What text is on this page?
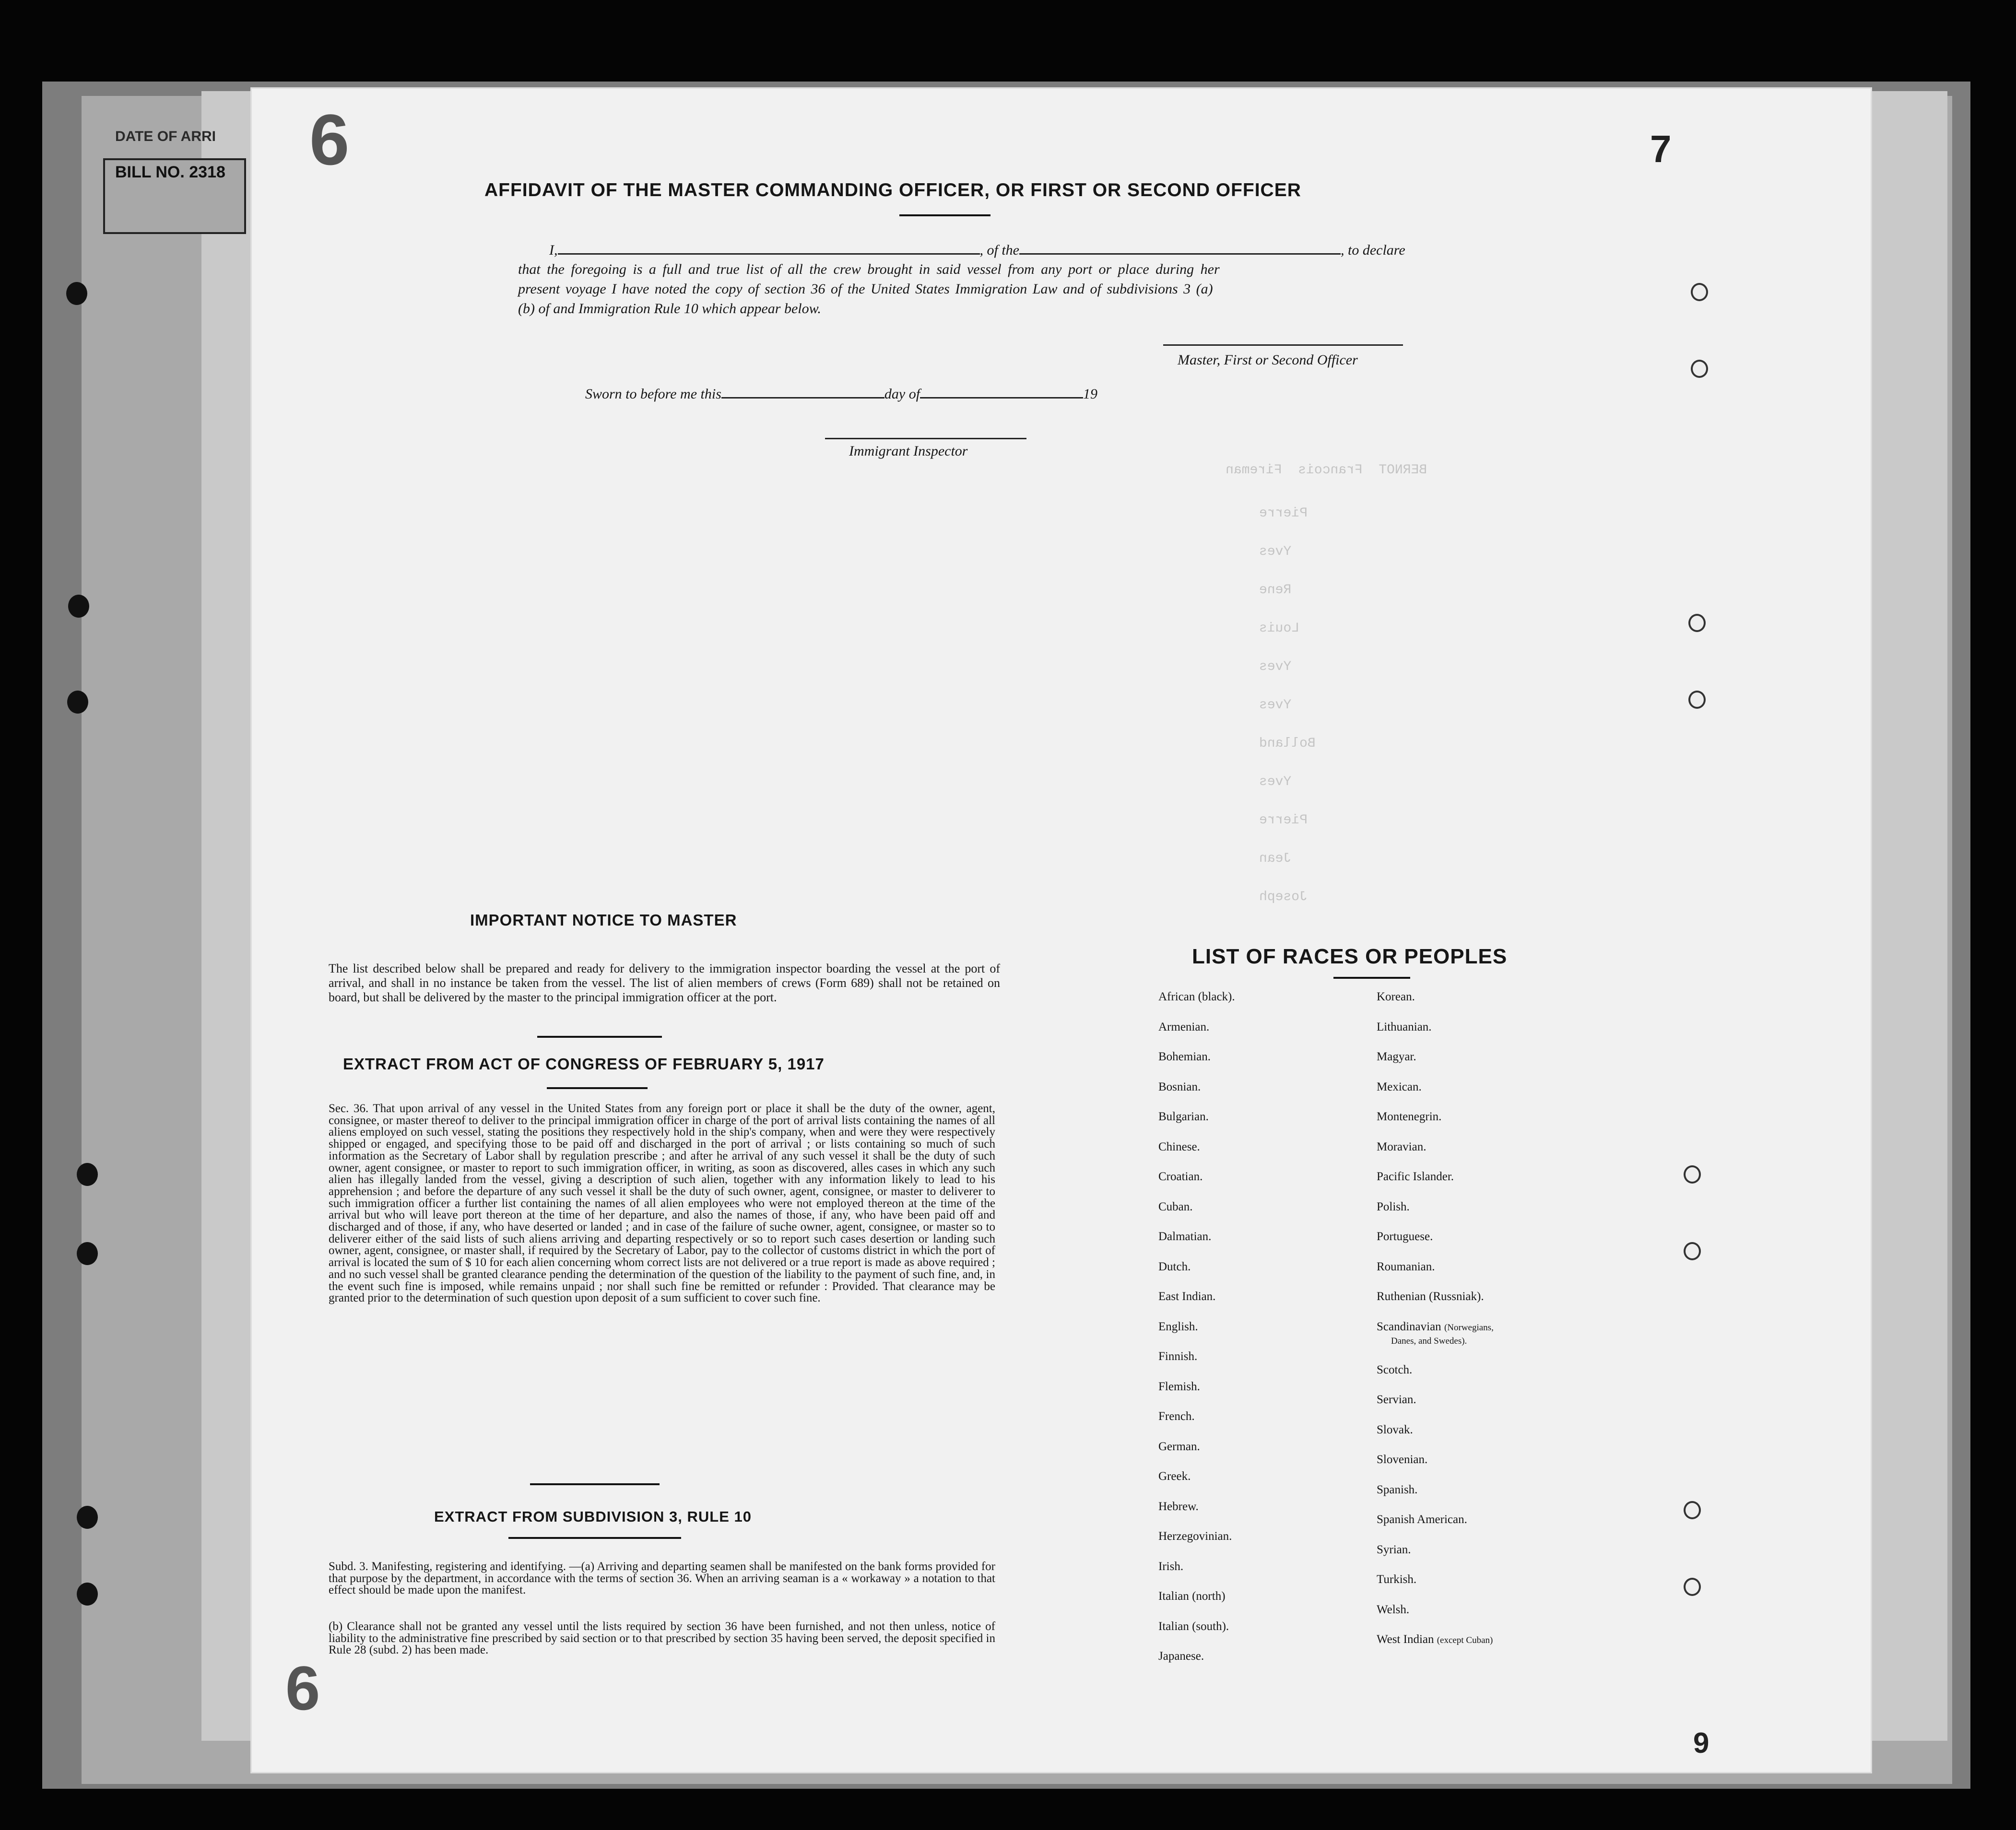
DATE OF ARRI
BILL NO. 2318
BERNOT  Francois  Fireman
Pierre
Yves
Rene
Louis
Yves
Yves
Bolland
Yves
Pierre
Jean
Joseph
6
6
AFFIDAVIT OF THE MASTER COMMANDING OFFICER, OR FIRST OR SECOND OFFICER
I,	, of the	, to declare
that the foregoing is a full and true list of all the crew brought in said vessel from any port or place during her
present voyage I have noted the copy of section 36 of the United States Immigration Law and of subdivisions 3 (a)
(b) of and Immigration Rule 10 which appear below.
Master, First or Second Officer
Sworn to before me this	day of	19
Immigrant Inspector
IMPORTANT NOTICE TO MASTER
The list described below shall be prepared and ready for delivery to the immigration inspector boarding the vessel at the port of arrival, and shall in no instance be taken from the vessel. The list of alien members of crews (Form 689) shall not be retained on board, but shall be delivered by the master to the principal immigration officer at the port.
EXTRACT FROM ACT OF CONGRESS OF FEBRUARY 5, 1917
Sec. 36. That upon arrival of any vessel in the United States from any foreign port or place it shall be the duty of the owner, agent, consignee, or master thereof to deliver to the principal immigration officer in charge of the port of arrival lists containing the names of all aliens employed on such vessel, stating the positions they respectively hold in the ship's company, when and were they were respectively shipped or engaged, and specifying those to be paid off and discharged in the port of arrival ; or lists containing so much of such information as the Secretary of Labor shall by regulation prescribe ; and after he arrival of any such vessel it shall be the duty of such owner, agent consignee, or master to report to such immigration officer, in writing, as soon as discovered, alles cases in which any such alien has illegally landed from the vessel, giving a description of such alien, together with any information likely to lead to his apprehension ; and before the departure of any such vessel it shall be the duty of such owner, agent, consignee, or master to deliverer to such immigration officer a further list containing the names of all alien employees who were not employed thereon at the time of the arrival but who will leave port thereon at the time of her departure, and also the names of those, if any, who have been paid off and discharged and of those, if any, who have deserted or landed ; and in case of the failure of suche owner, agent, consignee, or master so to deliverer either of the said lists of such aliens arriving and departing respectively or so to report such cases desertion or landing such owner, agent, consignee, or master shall, if required by the Secretary of Labor, pay to the collector of customs district in which the port of arrival is located the sum of $ 10 for each alien concerning whom correct lists are not delivered or a true report is made as above required ; and no such vessel shall be granted clearance pending the determination of the question of the liability to the payment of such fine, and, in the event such fine is imposed, while remains unpaid ; nor shall such fine be remitted or refunder : Provided. That clearance may be granted prior to the determination of such question upon deposit of a sum sufficient to cover such fine.
EXTRACT FROM SUBDIVISION 3, RULE 10
Subd. 3. Manifesting, registering and identifying. —(a) Arriving and departing seamen shall be manifested on the bank forms provided for that purpose by the department, in accordance with the terms of section 36. When an arriving seaman is a « workaway » a notation to that effect should be made upon the manifest.
(b) Clearance shall not be granted any vessel until the lists required by section 36 have been furnished, and not then unless, notice of liability to the administrative fine prescribed by said section or to that prescribed by section 35 having been served, the deposit specified in Rule 28 (subd. 2) has been made.
LIST OF RACES OR PEOPLES
African (black).
Armenian.
Bohemian.
Bosnian.
Bulgarian.
Chinese.
Croatian.
Cuban.
Dalmatian.
Dutch.
East Indian.
English.
Finnish.
Flemish.
French.
German.
Greek.
Hebrew.
Herzegovinian.
Irish.
Italian (north)
Italian (south).
Japanese.
Korean.
Lithuanian.
Magyar.
Mexican.
Montenegrin.
Moravian.
Pacific Islander.
Polish.
Portuguese.
Roumanian.
Ruthenian (Russniak).
Scandinavian (Norwegians,
Danes, and Swedes).
Scotch.
Servian.
Slovak.
Slovenian.
Spanish.
Spanish American.
Syrian.
Turkish.
Welsh.
West Indian (except Cuban)
7
9
